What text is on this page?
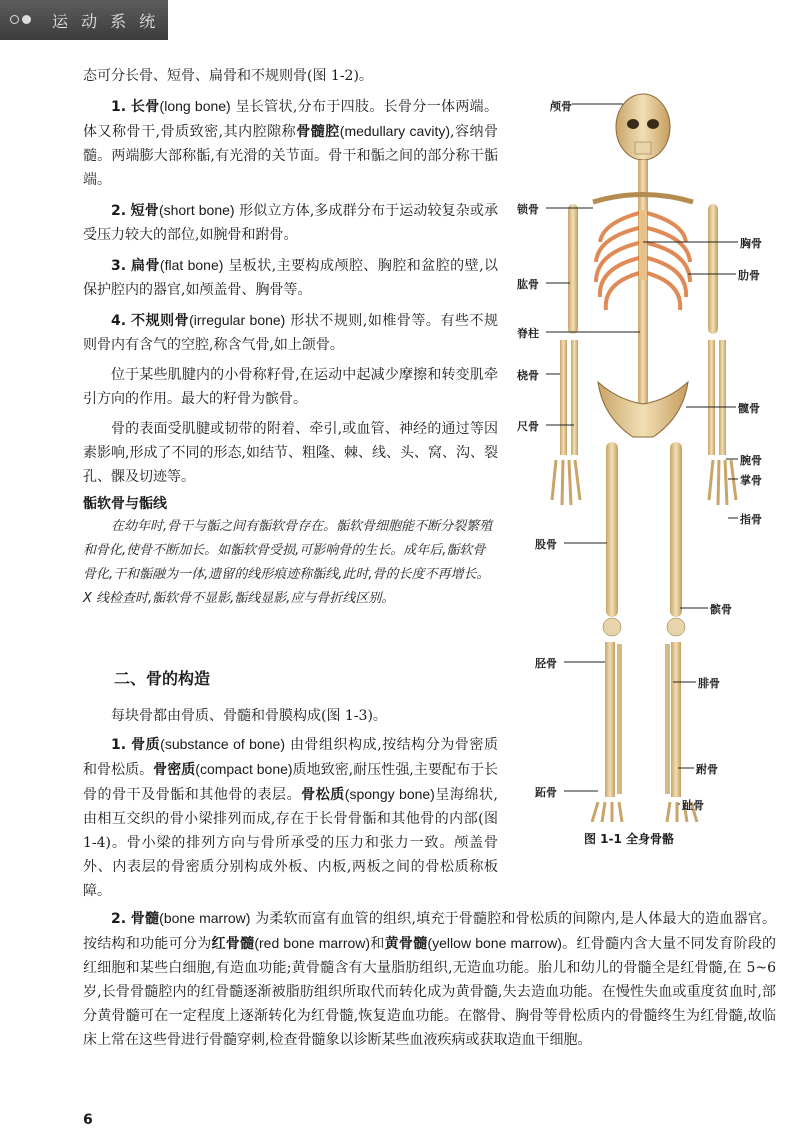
运 动 系 统

态可分长骨、短骨、扁骨和不规则骨(图 1-2)。

1. 长骨(long bone) 呈长管状,分布于四肢。长骨分一体两端。体又称骨干,骨质致密,其内腔隙称骨髓腔(medullary cavity),容纳骨髓。两端膨大部称骺,有光滑的关节面。骨干和骺之间的部分称干骺端。

2. 短骨(short bone) 形似立方体,多成群分布于运动较复杂或承受压力较大的部位,如腕骨和跗骨。

3. 扁骨(flat bone) 呈板状,主要构成颅腔、胸腔和盆腔的壁,以保护腔内的器官,如颅盖骨、胸骨等。

4. 不规则骨(irregular bone) 形状不规则,如椎骨等。有些不规则骨内有含气的空腔,称含气骨,如上颌骨。

位于某些肌腱内的小骨称籽骨,在运动中起减少摩擦和转变肌牵引方向的作用。最大的籽骨为髌骨。

骨的表面受肌腱或韧带的附着、牵引,或血管、神经的通过等因素影响,形成了不同的形态,如结节、粗隆、棘、线、头、窝、沟、裂孔、髁及切迹等。

骺软骨与骺线

在幼年时,骨干与骺之间有骺软骨存在。骺软骨细胞能不断分裂繁殖和骨化,使骨不断加长。如骺软骨受损,可影响骨的生长。成年后,骺软骨骨化,干和骺融为一体,遗留的线形痕迹称骺线,此时,骨的长度不再增长。X 线检查时,骺软骨不显影,骺线显影,应与骨折线区别。

二、骨的构造

每块骨都由骨质、骨髓和骨膜构成(图 1-3)。

1. 骨质(substance of bone) 由骨组织构成,按结构分为骨密质和骨松质。骨密质(compact bone)质地致密,耐压性强,主要配布于长骨的骨干及骨骺和其他骨的表层。骨松质(spongy bone)呈海绵状,由相互交织的骨小梁排列而成,存在于长骨骨骺和其他骨的内部(图 1-4)。骨小梁的排列方向与骨所承受的压力和张力一致。颅盖骨外、内表层的骨密质分别构成外板、内板,两板之间的骨松质称板障。

2. 骨髓(bone marrow) 为柔软而富有血管的组织,填充于骨髓腔和骨松质的间隙内,是人体最大的造血器官。按结构和功能可分为红骨髓(red bone marrow)和黄骨髓(yellow bone marrow)。红骨髓内含大量不同发育阶段的红细胞和某些白细胞,有造血功能;黄骨髓含有大量脂肪组织,无造血功能。胎儿和幼儿的骨髓全是红骨髓,在 5~6 岁,长骨骨髓腔内的红骨髓逐渐被脂肪组织所取代而转化成为黄骨髓,失去造血功能。在慢性失血或重度贫血时,部分黄骨髓可在一定程度上逐渐转化为红骨髓,恢复造血功能。在髂骨、胸骨等骨松质内的骨髓终生为红骨髓,故临床上常在这些骨进行骨髓穿刺,检查骨髓象以诊断某些血液疾病或获取造血干细胞。

颅骨
锁骨
肱骨
脊柱
桡骨
尺骨
股骨
胫骨
跖骨
胸骨
肋骨
髋骨
腕骨
掌骨
指骨
髌骨
腓骨
跗骨
趾骨
图 1-1 全身骨骼
6
